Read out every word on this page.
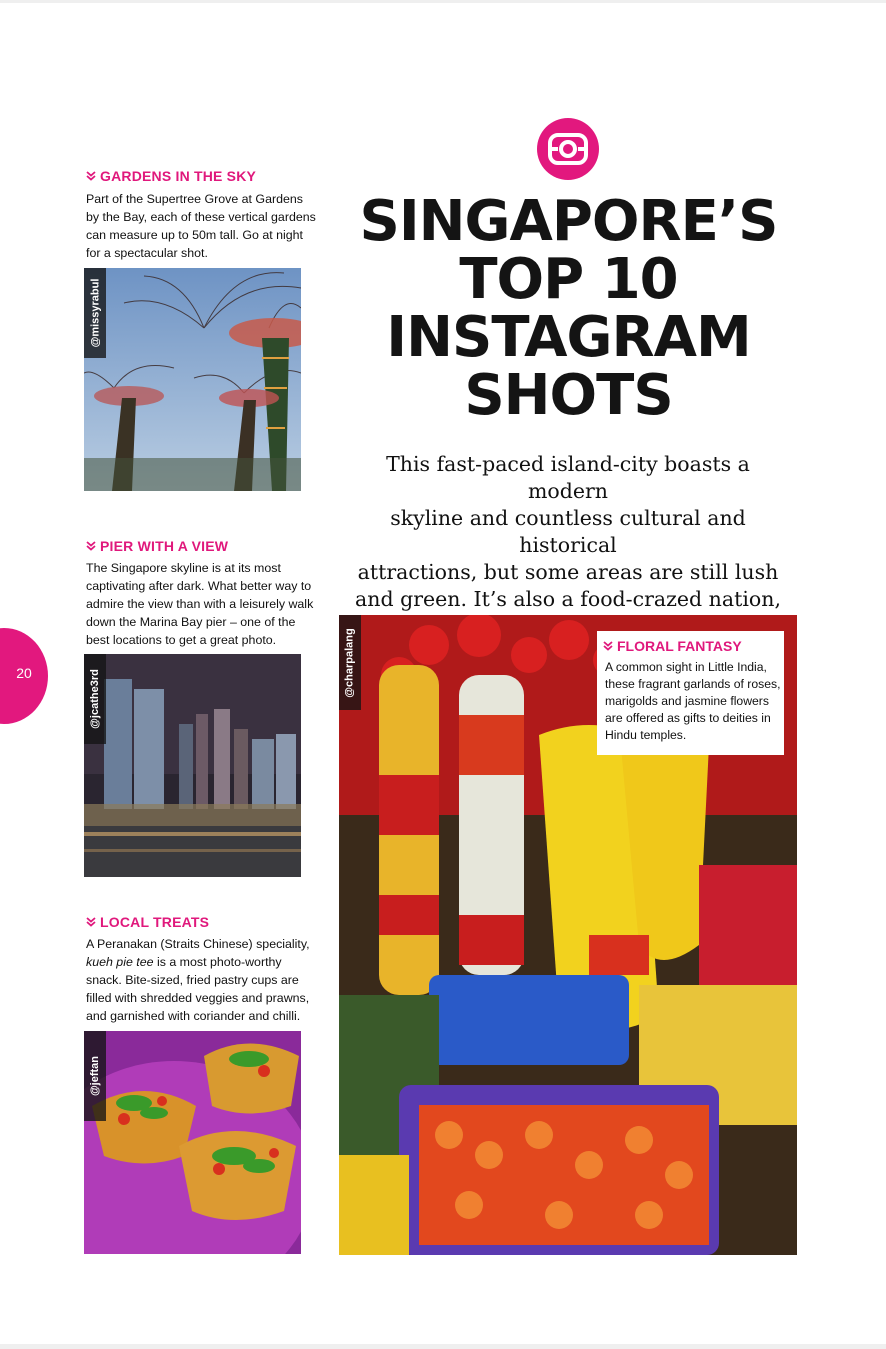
GARDENS IN THE SKY
Part of the Supertree Grove at Gardens by the Bay, each of these vertical gardens can measure up to 50m tall. Go at night for a spectacular shot.
@missyrabul
PIER WITH A VIEW
The Singapore skyline is at its most captivating after dark. What better way to admire the view than with a leisurely walk down the Marina Bay pier – one of the best locations to get a great photo.
@jcathe3rd
LOCAL TREATS
A Peranakan (Straits Chinese) speciality, kueh pie tee is a most photo-worthy snack. Bite-sized, fried pastry cups are filled with shredded veggies and prawns, and garnished with coriander and chilli.
@jeftan
20
SINGAPORE’S
TOP 10
INSTAGRAM
SHOTS
This fast-paced island-city boasts a modern
skyline and countless cultural and historical
attractions, but some areas are still lush
and green. It’s also a food-crazed nation,
@charpalang	FLORAL FANTASY
A common sight in Little India, these fragrant garlands of roses, marigolds and jasmine flowers are offered as gifts to deities in Hindu temples.
